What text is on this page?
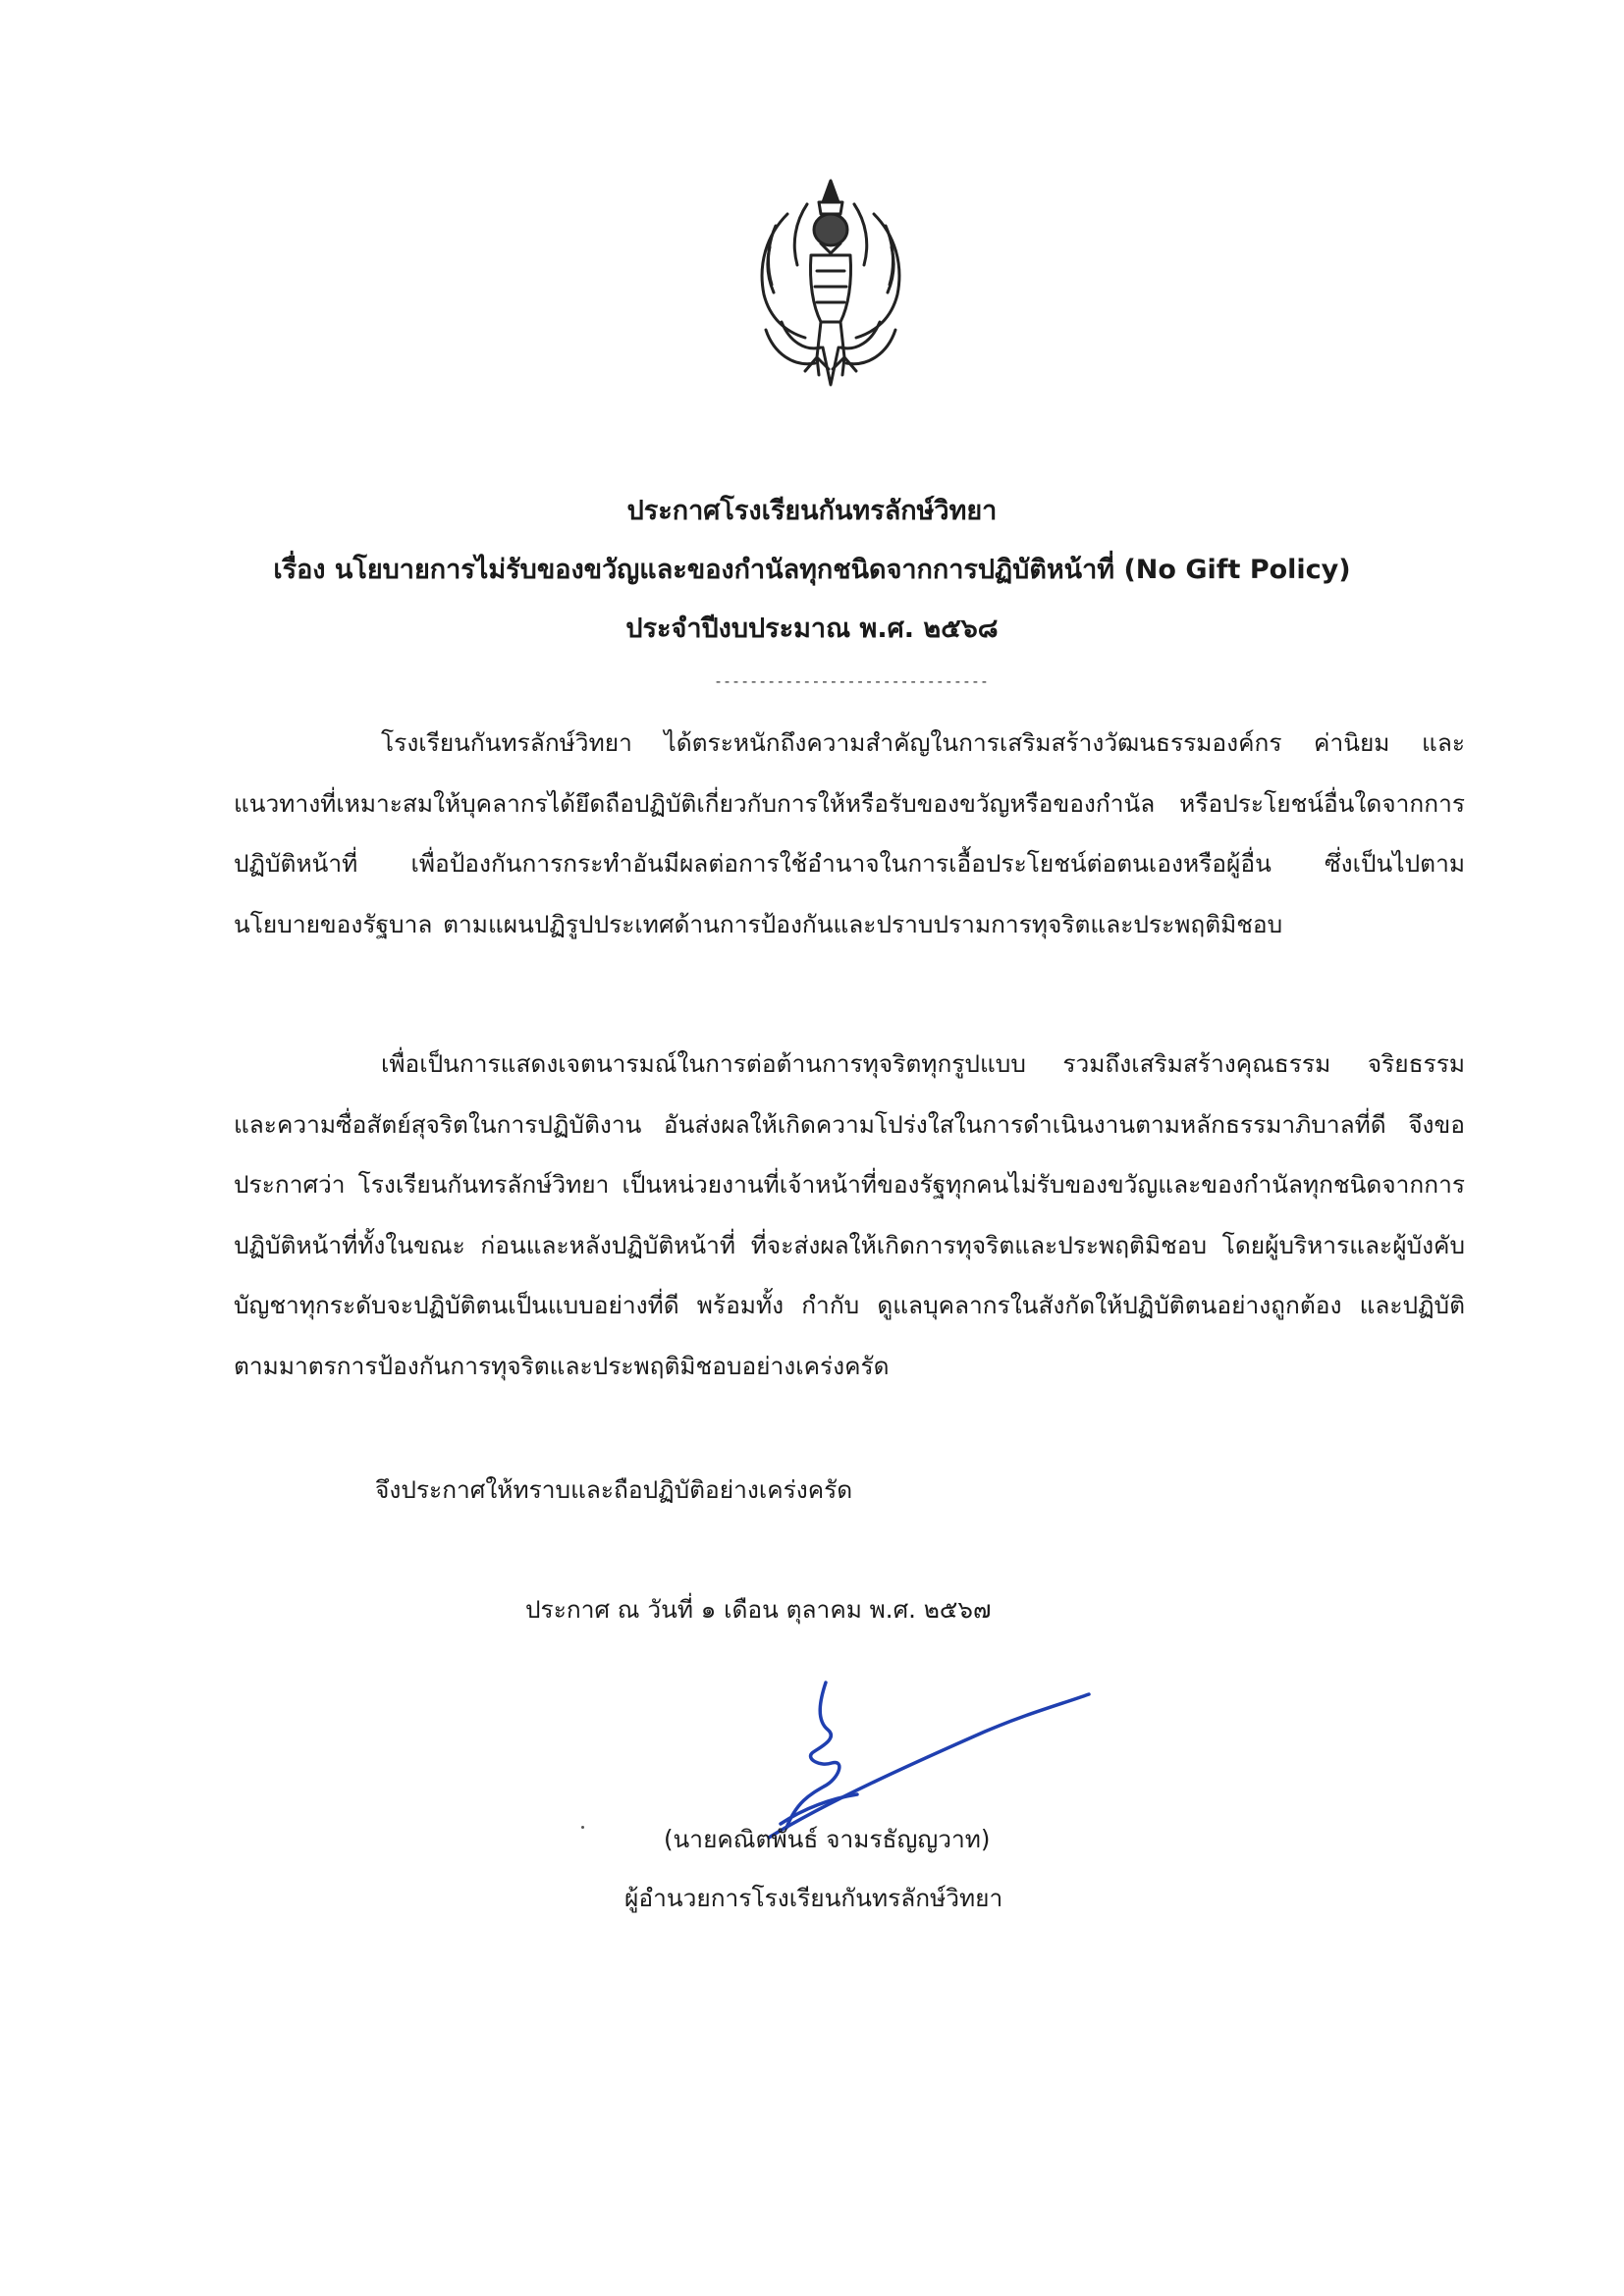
ประกาศโรงเรียนกันทรลักษ์วิทยา
เรื่อง นโยบายการไม่รับของขวัญและของกำนัลทุกชนิดจากการปฏิบัติหน้าที่ (No Gift Policy)
ประจำปีงบประมาณ พ.ศ. ๒๕๖๘
-------------------------------
โรงเรียนกันทรลักษ์วิทยา ได้ตระหนักถึงความสำคัญในการเสริมสร้างวัฒนธรรมองค์กร ค่านิยม และแนวทางที่เหมาะสมให้บุคลากรได้ยึดถือปฏิบัติเกี่ยวกับการให้หรือรับของขวัญหรือของกำนัล หรือประโยชน์อื่นใดจากการปฏิบัติหน้าที่ เพื่อป้องกันการกระทำอันมีผลต่อการใช้อำนาจในการเอื้อประโยชน์ต่อตนเองหรือผู้อื่น ซึ่งเป็นไปตามนโยบายของรัฐบาล ตามแผนปฏิรูปประเทศด้านการป้องกันและปราบปรามการทุจริตและประพฤติมิชอบ
เพื่อเป็นการแสดงเจตนารมณ์ในการต่อต้านการทุจริตทุกรูปแบบ รวมถึงเสริมสร้างคุณธรรม จริยธรรม และความซื่อสัตย์สุจริตในการปฏิบัติงาน อันส่งผลให้เกิดความโปร่งใสในการดำเนินงานตามหลักธรรมาภิบาลที่ดี จึงขอประกาศว่า โรงเรียนกันทรลักษ์วิทยา เป็นหน่วยงานที่เจ้าหน้าที่ของรัฐทุกคนไม่รับของขวัญและของกำนัลทุกชนิดจากการปฏิบัติหน้าที่ทั้งในขณะ ก่อนและหลังปฏิบัติหน้าที่ ที่จะส่งผลให้เกิดการทุจริตและประพฤติมิชอบ โดยผู้บริหารและผู้บังคับบัญชาทุกระดับจะปฏิบัติตนเป็นแบบอย่างที่ดี พร้อมทั้ง กำกับ ดูแลบุคลากรในสังกัดให้ปฏิบัติตนอย่างถูกต้อง และปฏิบัติตามมาตรการป้องกันการทุจริตและประพฤติมิชอบอย่างเคร่งครัด
จึงประกาศให้ทราบและถือปฏิบัติอย่างเคร่งครัด
ประกาศ ณ วันที่ ๑ เดือน ตุลาคม พ.ศ. ๒๕๖๗
(นายคณิตพันธ์ จามรธัญญวาท)
ผู้อำนวยการโรงเรียนกันทรลักษ์วิทยา
